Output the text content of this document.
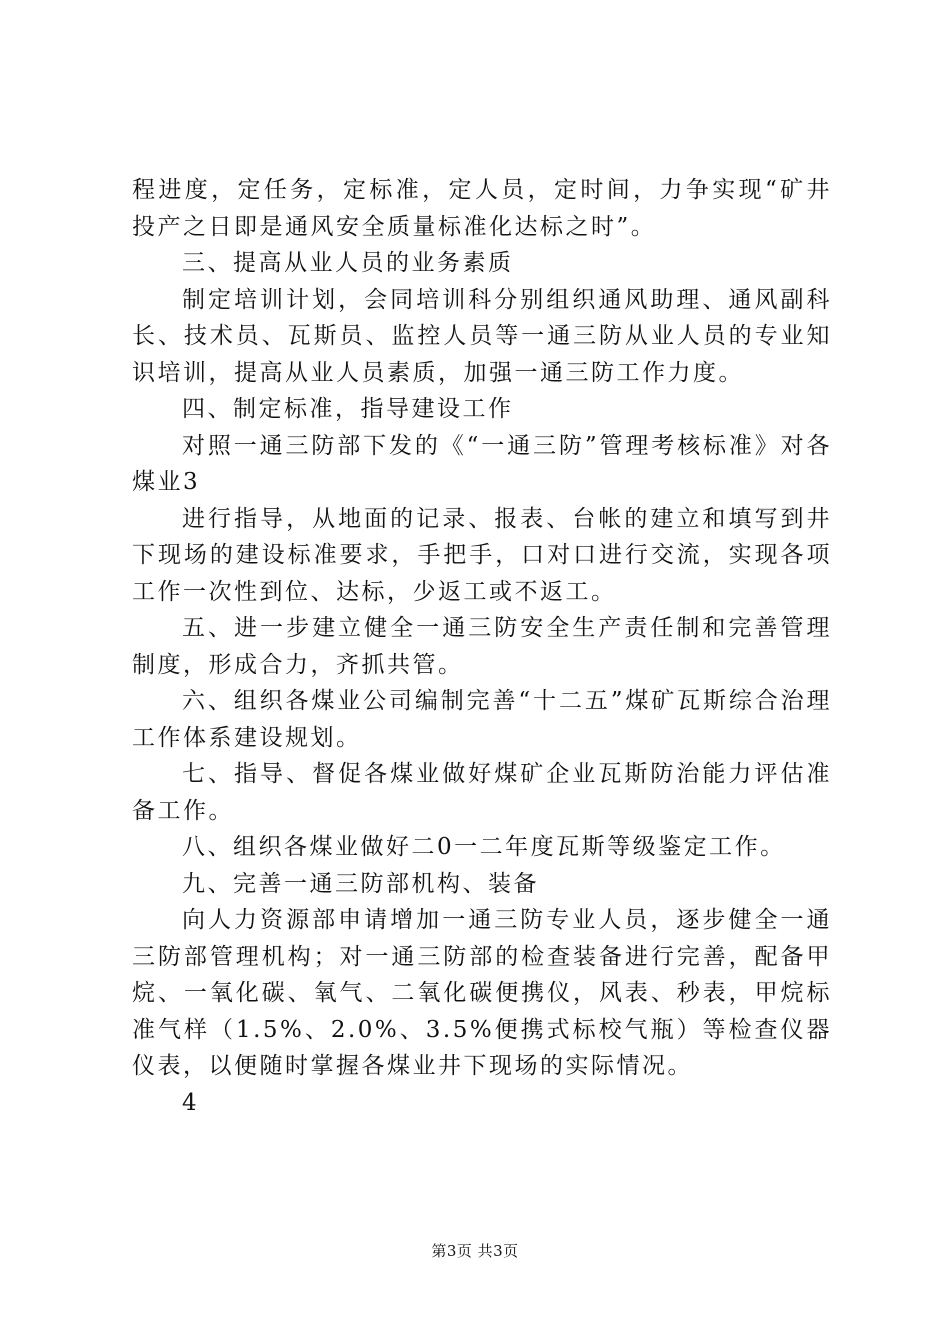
程进度，定任务，定标准，定人员，定时间，力争实现“矿井投产之日即是通风安全质量标准化达标之时”。

三、提高从业人员的业务素质

制定培训计划，会同培训科分别组织通风助理、通风副科长、技术员、瓦斯员、监控人员等一通三防从业人员的专业知识培训，提高从业人员素质，加强一通三防工作力度。

四、制定标准，指导建设工作

对照一通三防部下发的《“一通三防”管理考核标准》对各煤业3

进行指导，从地面的记录、报表、台帐的建立和填写到井下现场的建设标准要求，手把手，口对口进行交流，实现各项工作一次性到位、达标，少返工或不返工。

五、进一步建立健全一通三防安全生产责任制和完善管理制度，形成合力，齐抓共管。

六、组织各煤业公司编制完善“十二五”煤矿瓦斯综合治理工作体系建设规划。

七、指导、督促各煤业做好煤矿企业瓦斯防治能力评估准备工作。

八、组织各煤业做好二0一二年度瓦斯等级鉴定工作。

九、完善一通三防部机构、装备

向人力资源部申请增加一通三防专业人员，逐步健全一通三防部管理机构；对一通三防部的检查装备进行完善，配备甲烷、一氧化碳、氧气、二氧化碳便携仪，风表、秒表，甲烷标准气样（1.5%、2.0%、3.5%便携式标校气瓶）等检查仪器仪表，以便随时掌握各煤业井下现场的实际情况。

4

第3页 共3页
